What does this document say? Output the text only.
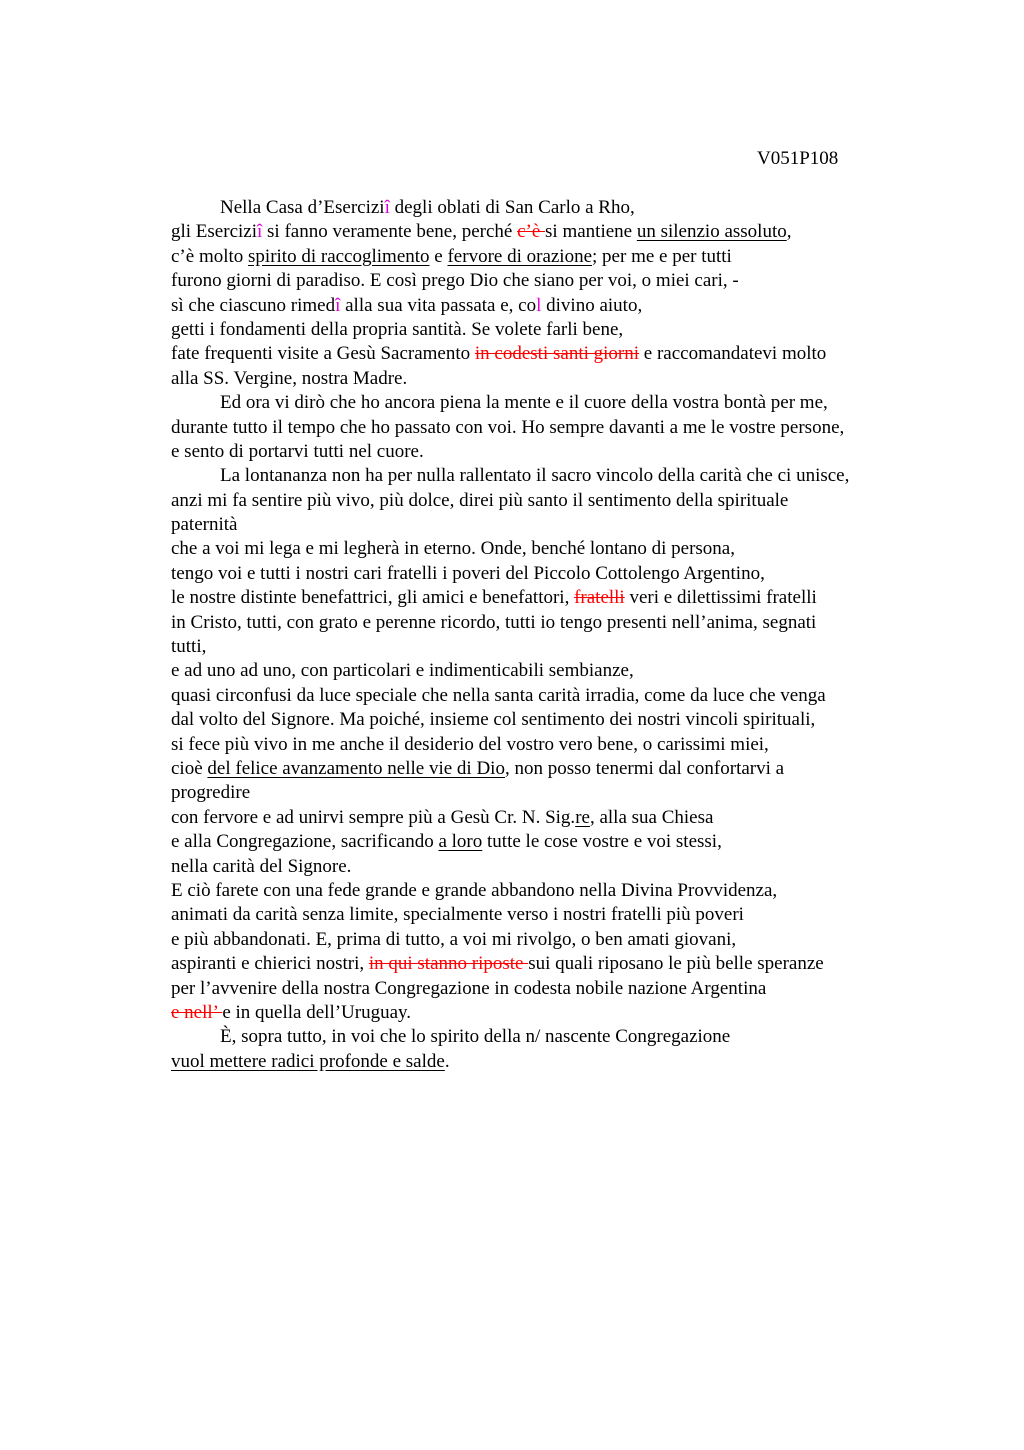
V051P108
Nella Casa d’Eserciziî degli oblati di San Carlo a Rho,
gli Eserciziî si fanno veramente bene, perché c’è si mantiene un silenzio assoluto,
c’è molto spirito di raccoglimento e fervore di orazione; per me e per tutti
furono giorni di paradiso. E così prego Dio che siano per voi, o miei cari, -
sì che ciascuno rimedî alla sua vita passata e, col divino aiuto,
getti i fondamenti della propria santità. Se volete farli bene,
fate frequenti visite a Gesù Sacramento in codesti santi giorni e raccomandatevi molto
alla SS. Vergine, nostra Madre.
Ed ora vi dirò che ho ancora piena la mente e il cuore della vostra bontà per me,
durante tutto il tempo che ho passato con voi. Ho sempre davanti a me le vostre persone,
e sento di portarvi tutti nel cuore.
La lontananza non ha per nulla rallentato il sacro vincolo della carità che ci unisce,
anzi mi fa sentire più vivo, più dolce, direi più santo il sentimento della spirituale
paternità
che a voi mi lega e mi legherà in eterno. Onde, benché lontano di persona,
tengo voi e tutti i nostri cari fratelli i poveri del Piccolo Cottolengo Argentino,
le nostre distinte benefattrici, gli amici e benefattori, fratelli veri e dilettissimi fratelli
in Cristo, tutti, con grato e perenne ricordo, tutti io tengo presenti nell’anima, segnati
tutti,
e ad uno ad uno, con particolari e indimenticabili sembianze,
quasi circonfusi da luce speciale che nella santa carità irradia, come da luce che venga
dal volto del Signore. Ma poiché, insieme col sentimento dei nostri vincoli spirituali,
si fece più vivo in me anche il desiderio del vostro vero bene, o carissimi miei,
cioè del felice avanzamento nelle vie di Dio, non posso tenermi dal confortarvi a
progredire
con fervore e ad unirvi sempre più a Gesù Cr. N. Sig.re, alla sua Chiesa
e alla Congregazione, sacrificando a loro tutte le cose vostre e voi stessi,
nella carità del Signore.
E ciò farete con una fede grande e grande abbandono nella Divina Provvidenza,
animati da carità senza limite, specialmente verso i nostri fratelli più poveri
e più abbandonati. E, prima di tutto, a voi mi rivolgo, o ben amati giovani,
aspiranti e chierici nostri, in qui stanno riposte sui quali riposano le più belle speranze
per l’avvenire della nostra Congregazione in codesta nobile nazione Argentina
e nell’ e in quella dell’Uruguay.
È, sopra tutto, in voi che lo spirito della n/ nascente Congregazione
vuol mettere radici profonde e salde.
